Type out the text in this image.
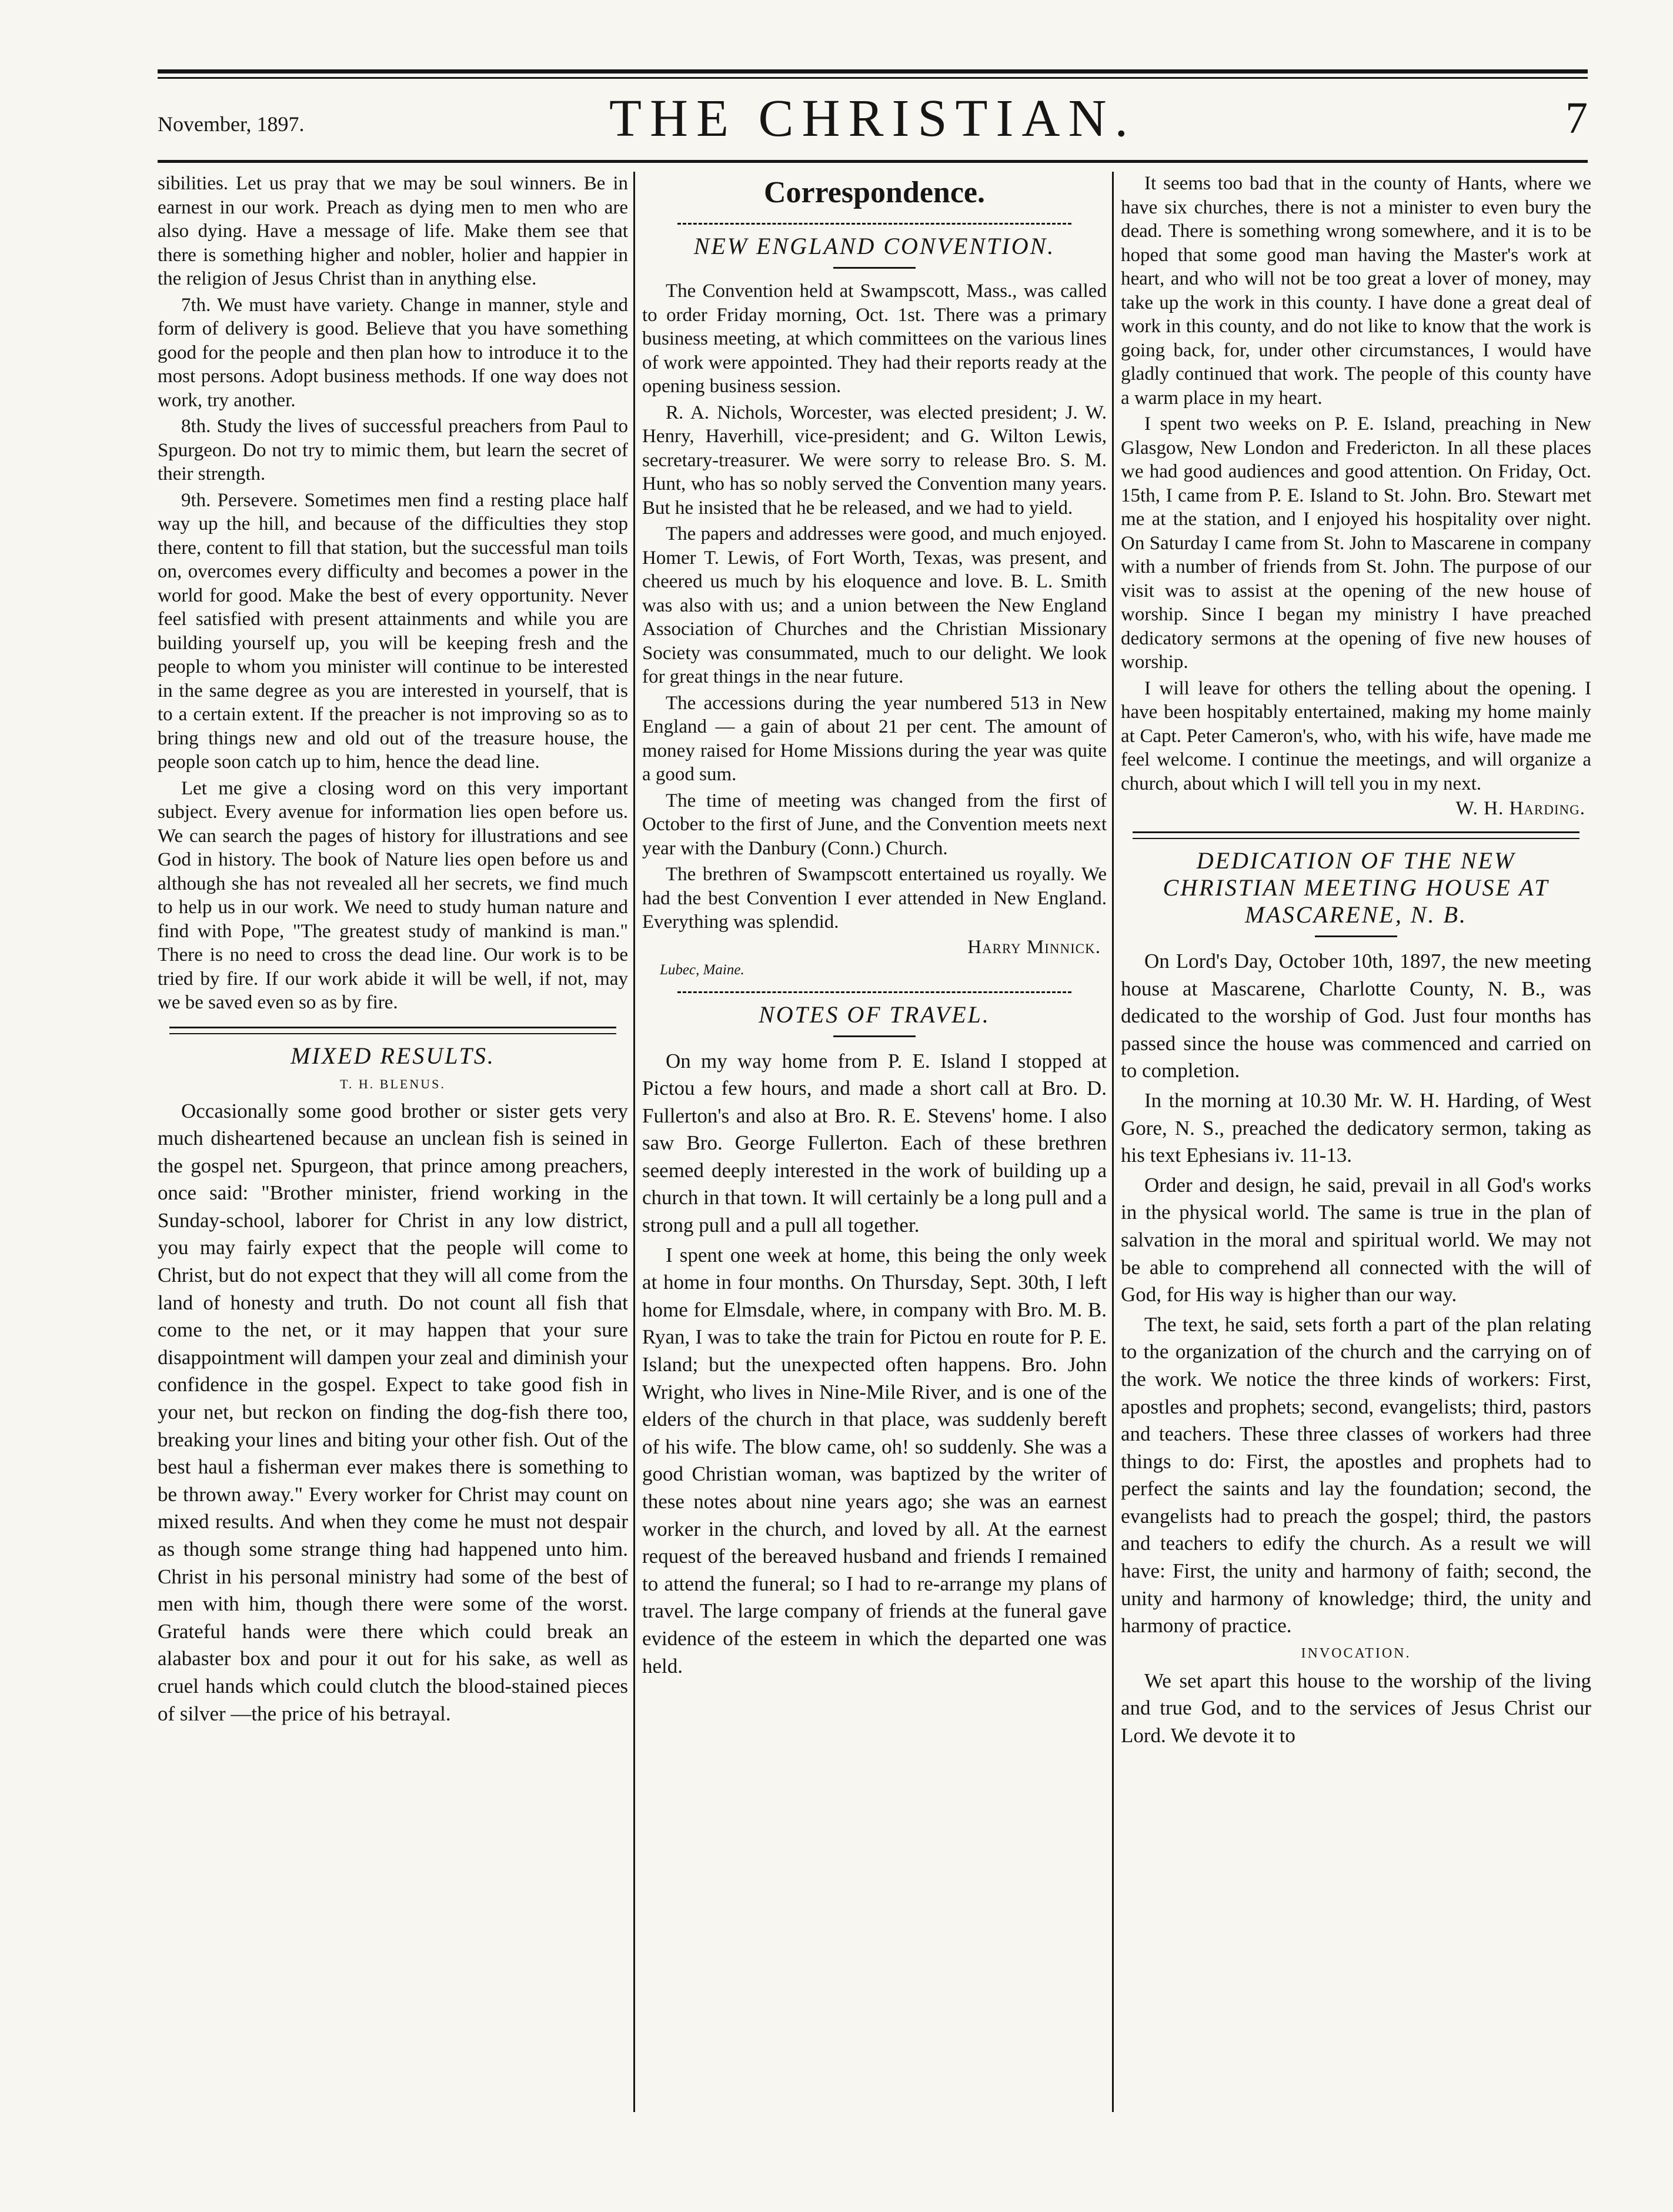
November, 1897.	THE CHRISTIAN.	7

sibilities. Let us pray that we may be soul winners. Be in earnest in our work. Preach as dying men to men who are also dying. Have a message of life. Make them see that there is something higher and nobler, holier and happier in the religion of Jesus Christ than in anything else.

7th. We must have variety. Change in manner, style and form of delivery is good. Believe that you have something good for the people and then plan how to introduce it to the most persons. Adopt business methods. If one way does not work, try another.

8th. Study the lives of successful preachers from Paul to Spurgeon. Do not try to mimic them, but learn the secret of their strength.

9th. Persevere. Sometimes men find a resting place half way up the hill, and because of the difficulties they stop there, content to fill that station, but the successful man toils on, overcomes every difficulty and becomes a power in the world for good. Make the best of every opportunity. Never feel satisfied with present attainments and while you are building yourself up, you will be keeping fresh and the people to whom you minister will continue to be interested in the same degree as you are interested in yourself, that is to a certain extent. If the preacher is not improving so as to bring things new and old out of the treasure house, the people soon catch up to him, hence the dead line.

Let me give a closing word on this very important subject. Every avenue for information lies open before us. We can search the pages of history for illustrations and see God in history. The book of Nature lies open before us and although she has not revealed all her secrets, we find much to help us in our work. We need to study human nature and find with Pope, "The greatest study of mankind is man." There is no need to cross the dead line. Our work is to be tried by fire. If our work abide it will be well, if not, may we be saved even so as by fire.

MIXED RESULTS.
T. H. BLENUS.

Occasionally some good brother or sister gets very much disheartened because an unclean fish is seined in the gospel net. Spurgeon, that prince among preachers, once said: "Brother minister, friend working in the Sunday-school, laborer for Christ in any low district, you may fairly expect that the people will come to Christ, but do not expect that they will all come from the land of honesty and truth. Do not count all fish that come to the net, or it may happen that your sure disappointment will dampen your zeal and diminish your confidence in the gospel. Expect to take good fish in your net, but reckon on finding the dog-fish there too, breaking your lines and biting your other fish. Out of the best haul a fisherman ever makes there is something to be thrown away." Every worker for Christ may count on mixed results. And when they come he must not despair as though some strange thing had happened unto him. Christ in his personal ministry had some of the best of men with him, though there were some of the worst. Grateful hands were there which could break an alabaster box and pour it out for his sake, as well as cruel hands which could clutch the blood-stained pieces of silver —the price of his betrayal.

Correspondence.
NEW ENGLAND CONVENTION.

The Convention held at Swampscott, Mass., was called to order Friday morning, Oct. 1st. There was a primary business meeting, at which committees on the various lines of work were appointed. They had their reports ready at the opening business session.

R. A. Nichols, Worcester, was elected president; J. W. Henry, Haverhill, vice-president; and G. Wilton Lewis, secretary-treasurer. We were sorry to release Bro. S. M. Hunt, who has so nobly served the Convention many years. But he insisted that he be released, and we had to yield.

The papers and addresses were good, and much enjoyed. Homer T. Lewis, of Fort Worth, Texas, was present, and cheered us much by his eloquence and love. B. L. Smith was also with us; and a union between the New England Association of Churches and the Christian Missionary Society was consummated, much to our delight. We look for great things in the near future.

The accessions during the year numbered 513 in New England — a gain of about 21 per cent. The amount of money raised for Home Missions during the year was quite a good sum.

The time of meeting was changed from the first of October to the first of June, and the Convention meets next year with the Danbury (Conn.) Church.

The brethren of Swampscott entertained us royally. We had the best Convention I ever attended in New England. Everything was splendid.

Harry Minnick.
Lubec, Maine.
NOTES OF TRAVEL.

On my way home from P. E. Island I stopped at Pictou a few hours, and made a short call at Bro. D. Fullerton's and also at Bro. R. E. Stevens' home. I also saw Bro. George Fullerton. Each of these brethren seemed deeply interested in the work of building up a church in that town. It will certainly be a long pull and a strong pull and a pull all together.

I spent one week at home, this being the only week at home in four months. On Thursday, Sept. 30th, I left home for Elmsdale, where, in company with Bro. M. B. Ryan, I was to take the train for Pictou en route for P. E. Island; but the unexpected often happens. Bro. John Wright, who lives in Nine-Mile River, and is one of the elders of the church in that place, was suddenly bereft of his wife. The blow came, oh! so suddenly. She was a good Christian woman, was baptized by the writer of these notes about nine years ago; she was an earnest worker in the church, and loved by all. At the earnest request of the bereaved husband and friends I remained to attend the funeral; so I had to re-arrange my plans of travel. The large company of friends at the funeral gave evidence of the esteem in which the departed one was held.

It seems too bad that in the county of Hants, where we have six churches, there is not a minister to even bury the dead. There is something wrong somewhere, and it is to be hoped that some good man having the Master's work at heart, and who will not be too great a lover of money, may take up the work in this county. I have done a great deal of work in this county, and do not like to know that the work is going back, for, under other circumstances, I would have gladly continued that work. The people of this county have a warm place in my heart.

I spent two weeks on P. E. Island, preaching in New Glasgow, New London and Fredericton. In all these places we had good audiences and good attention. On Friday, Oct. 15th, I came from P. E. Island to St. John. Bro. Stewart met me at the station, and I enjoyed his hospitality over night. On Saturday I came from St. John to Mascarene in company with a number of friends from St. John. The purpose of our visit was to assist at the opening of the new house of worship. Since I began my ministry I have preached dedicatory sermons at the opening of five new houses of worship.

I will leave for others the telling about the opening. I have been hospitably entertained, making my home mainly at Capt. Peter Cameron's, who, with his wife, have made me feel welcome. I continue the meetings, and will organize a church, about which I will tell you in my next.

W. H. Harding.
DEDICATION OF THE NEW CHRISTIAN MEETING HOUSE AT MASCARENE, N. B.

On Lord's Day, October 10th, 1897, the new meeting house at Mascarene, Charlotte County, N. B., was dedicated to the worship of God. Just four months has passed since the house was commenced and carried on to completion.

In the morning at 10.30 Mr. W. H. Harding, of West Gore, N. S., preached the dedicatory sermon, taking as his text Ephesians iv. 11-13.

Order and design, he said, prevail in all God's works in the physical world. The same is true in the plan of salvation in the moral and spiritual world. We may not be able to comprehend all connected with the will of God, for His way is higher than our way.

The text, he said, sets forth a part of the plan relating to the organization of the church and the carrying on of the work. We notice the three kinds of workers: First, apostles and prophets; second, evangelists; third, pastors and teachers. These three classes of workers had three things to do: First, the apostles and prophets had to perfect the saints and lay the foundation; second, the evangelists had to preach the gospel; third, the pastors and teachers to edify the church. As a result we will have: First, the unity and harmony of faith; second, the unity and harmony of knowledge; third, the unity and harmony of practice.

INVOCATION.

We set apart this house to the worship of the living and true God, and to the services of Jesus Christ our Lord. We devote it to
